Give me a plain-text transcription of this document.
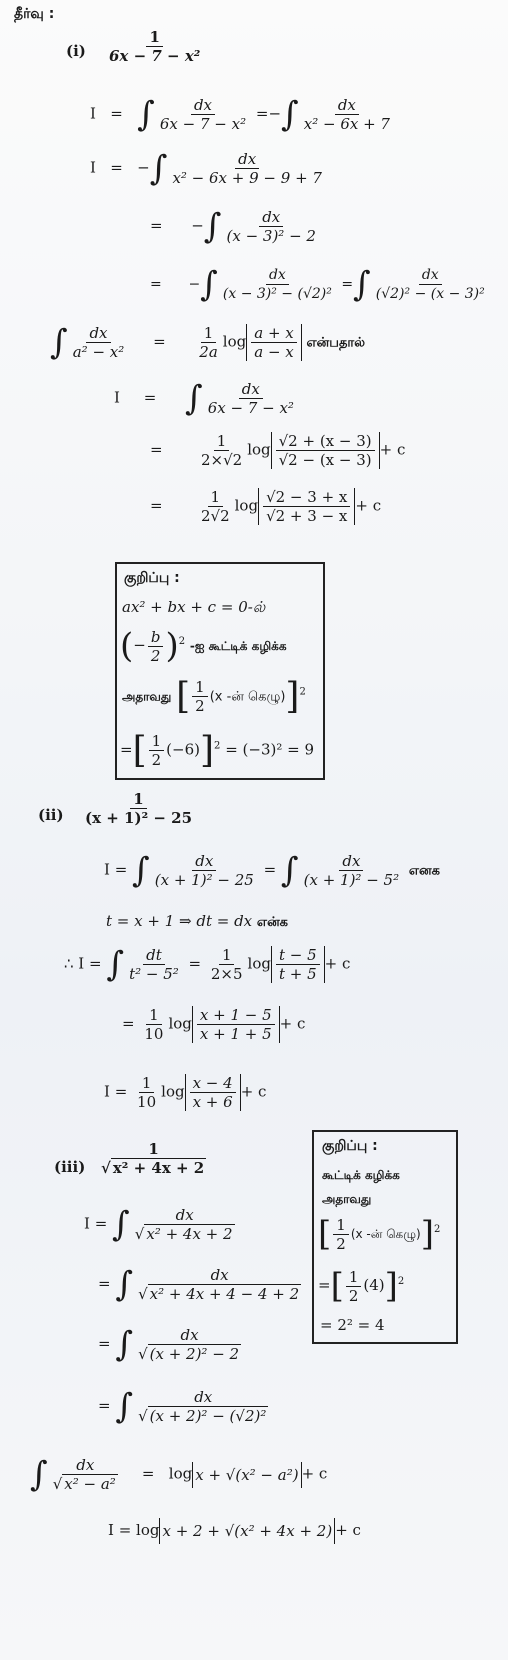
தீர்வு :
$(i) \frac{1}{\text{6x − 7 − x²}}$
I = ∫ $\frac{dx}{\text{6x − 7 − x²}}$ =−∫ $\frac{dx}{\text{x² − 6x + 7}}$
I = −∫ $\frac{dx}{\text{x² − 6x + 9 − 9 + 7}}$
= −∫ $\frac{dx}{\text{(x − 3)² − 2}}$
= −∫ $\frac{dx}{\text{(x − 3)² − (√2)²}}$ =∫ $\frac{dx}{\text{(√2)² − (x − 3)²}}$
∫ $\frac{dx}{\text{a² − x²}} = \frac{1}{2a}$ $\log \frac{a + x}{a - x}$ என்பதால்
I = ∫ $\frac{dx}{\text{6x − 7 − x²}}$
= $\frac{1}{2\times√2}$ $\log \frac{√2 + (x - 3)}{√2 - (x - 3)} + c$
= $\frac{1}{2√2}$ $\log \frac{√2 - 3 + x}{√2 + 3 - x} + c$
குறிப்பு :
ax² + bx + c = 0-ல்
(− $\frac{b}{2} )^2$ -ஐ கூட்டிக் கழிக்க
அதாவது [ $\frac{1}{2} (x$ -ன் கெழு)]$^2$
=[ $\frac{1}{2} (-6)]^2 = (-3)^2 = 9$
$(ii) \frac{1}{\text{(x + 1)² − 25}}$
I = ∫ $\frac{dx}{\text{(x + 1)² − 25}}$ = ∫ $\frac{dx}{\text{(x + 1)² − 5²}}$ எனக
t = x + 1 ⇒ dt = dx என்க
∴ I = ∫ $\frac{dt}{\text{t² − 5²}} = \frac{1}{2\times 5}$ $\log \frac{t - 5}{t + 5} + c$
= $\frac{1}{10}$ $\log \frac{x + 1 - 5}{x + 1 + 5} + c$
$I = \frac{1}{10}$ $\log \frac{x - 4}{x + 6} + c$
குறிப்பு :
கூட்டிக் கழிக்க
அதாவது
[ $\frac{1}{2} (x$ -ன் கெழு)]$^2$
=[ $\frac{1}{2} (4)]^2$
= 2² = 4
$(iii) \frac{1}{\text{√ x² + 4x + 2}}$
I = ∫ $\frac{dx}{\text{√ x² + 4x + 2}}$
= ∫ $\frac{dx}{\text{√ x² + 4x + 4 − 4 + 2}}$
= ∫ $\frac{dx}{\text{√ (x + 2)² − 2}}$
= ∫ $\frac{dx}{\text{√ (x + 2)² − (√2)²}}$
∫ $\frac{dx}{\text{√ x² − a²}} = \log x + √(x^2 - a^2) + c$
I = log x + 2 + √(x² + 4x + 2) + c
